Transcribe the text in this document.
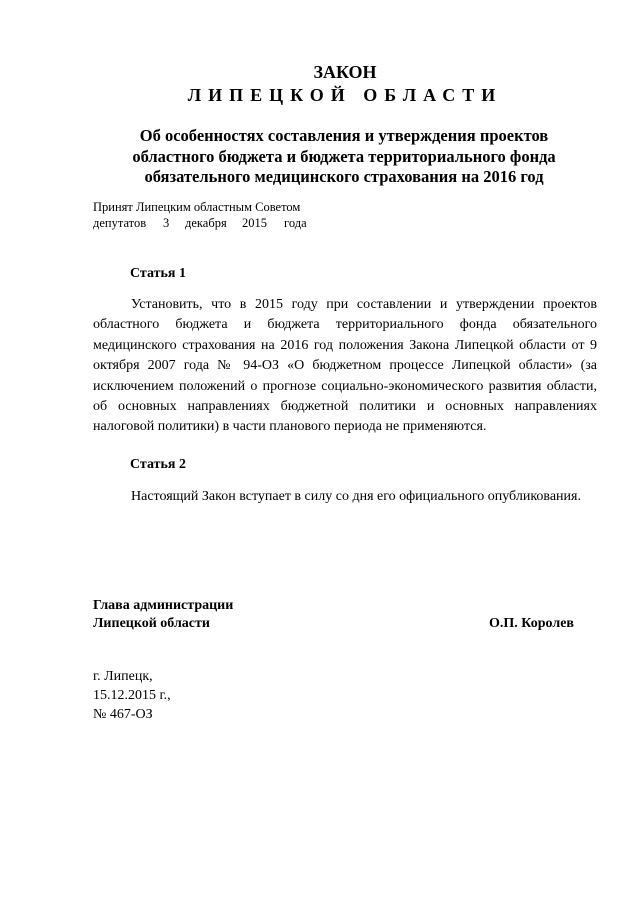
ЗАКОН
ЛИПЕЦКОЙ ОБЛАСТИ
Об особенностях составления и утверждения проектов
областного бюджета и бюджета территориального фонда
обязательного медицинского страхования на 2016 год
Принят Липецким областным Советом
депутатов 3 декабря 2015 года
Статья 1
Установить, что в 2015 году при составлении и утверждении проектов областного бюджета и бюджета территориального фонда обязательного медицинского страхования на 2016 год положения Закона Липецкой области от 9 октября 2007 года № 94-ОЗ «О бюджетном процессе Липецкой области» (за исключением положений о прогнозе социально-экономического развития области, об основных направлениях бюджетной политики и основных направлениях налоговой политики) в части планового периода не применяются.
Статья 2
Настоящий Закон вступает в силу со дня его официального опубликования.
Глава администрации
Липецкой области	О.П. Королев
г. Липецк,
15.12.2015 г.,
№ 467-ОЗ
